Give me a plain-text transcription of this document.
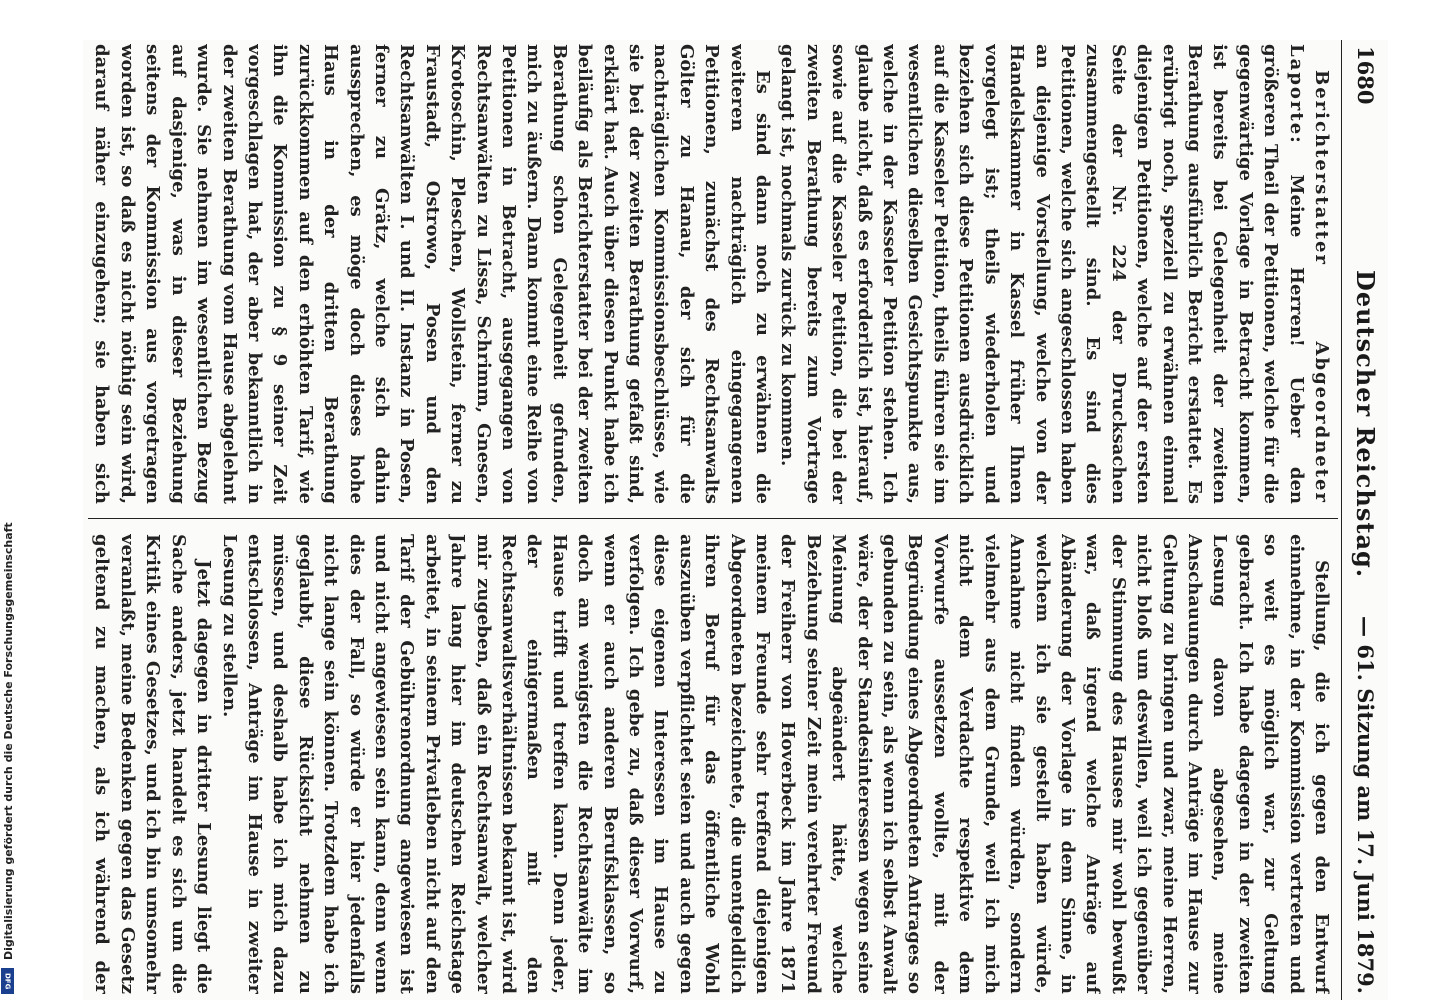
1680
Deutscher Reichstag.
— 61. Sitzung am 17. Juni 1879.

Berichterstatter Abgeordneter Laporte: Meine Herren! Ueber den größeren Theil der Petitionen, welche für die gegenwärtige Vorlage in Betracht kommen, ist bereits bei Gelegenheit der zweiten Berathung ausführlich Bericht erstattet. Es erübrigt noch, speziell zu erwähnen einmal diejenigen Petitionen, welche auf der ersten Seite der Nr. 224 der Drucksachen zusammengestellt sind. Es sind dies Petitionen, welche sich angeschlossen haben an diejenige Vorstellung, welche von der Handelskammer in Kassel früher Ihnen vorgelegt ist; theils wiederholen und beziehen sich diese Petitionen ausdrücklich auf die Kasseler Petition, theils führen sie im wesentlichen dieselben Gesichtspunkte aus, welche in der Kasseler Petition stehen. Ich glaube nicht, daß es erforderlich ist, hierauf, sowie auf die Kasseler Petition, die bei der zweiten Berathung bereits zum Vortrage gelangt ist, nochmals zurück zu kommen.

Es sind dann noch zu erwähnen die weiteren nachträglich eingegangenen Petitionen, zunächst des Rechtsanwalts Gölter zu Hanau, der sich für die nachträglichen Kommissionsbeschlüsse, wie sie bei der zweiten Berathung gefaßt sind, erklärt hat. Auch über diesen Punkt habe ich beiläufig als Berichterstatter bei der zweiten Berathung schon Gelegenheit gefunden, mich zu äußern. Dann kommt eine Reihe von Petitionen in Betracht, ausgegangen von Rechtsanwälten zu Lissa, Schrimm, Gnesen, Krotoschin, Pleschen, Wollstein, ferner zu Fraustadt, Ostrowo, Posen und den Rechtsanwälten I. und II. Instanz in Posen, ferner zu Grätz, welche sich dahin aussprechen, es möge doch dieses hohe Haus in der dritten Berathung zurückkommen auf den erhöhten Tarif, wie ihn die Kommission zu § 9 seiner Zeit vorgeschlagen hat, der aber bekanntlich in der zweiten Berathung vom Hause abgelehnt wurde. Sie nehmen im wesentlichen Bezug auf dasjenige, was in dieser Beziehung seitens der Kommission aus vorgetragen worden ist, so daß es nicht nöthig sein wird, darauf näher einzugehen; sie haben sich

Stellung, die ich gegen den Entwurf einnehme, in der Kommission vertreten und so weit es möglich war, zur Geltung gebracht. Ich habe dagegen in der zweiten Lesung davon abgesehen, meine Anschauungen durch Anträge im Hause zur Geltung zu bringen und zwar, meine Herren, nicht bloß um deswillen, weil ich gegenüber der Stimmung des Hauses mir wohl bewußt war, daß irgend welche Anträge auf Abänderung der Vorlage in dem Sinne, in welchem ich sie gestellt haben würde, Annahme nicht finden würden, sondern vielmehr aus dem Grunde, weil ich mich nicht dem Verdachte respektive dem Vorwurfe aussetzen wollte, mit der Begründung eines Abgeordneten Antrages so gebunden zu sein, als wenn ich selbst Anwalt wäre, der der Standesinteressen wegen seine Meinung abgeändert hätte, welche Beziehung seiner Zeit mein verehrter Freund der Freiherr von Hoverbeck im Jahre 1871 meinem Freunde sehr treffend diejenigen Abgeordneten bezeichnete, die unentgeldlich ihren Beruf für das öffentliche Wohl auszuüben verpflichtet seien und auch gegen diese eigenen Interessen im Hause zu verfolgen. Ich gebe zu, daß dieser Vorwurf, wenn er auch anderen Berufsklassen, so doch am wenigsten die Rechtsanwälte im Hause trifft und treffen kann. Denn jeder, der einigermaßen mit den Rechtsanwaltsverhältnissen bekannt ist, wird mir zugeben, daß ein Rechtsanwalt, welcher Jahre lang hier im deutschen Reichstage arbeitet, in seinem Privatleben nicht auf den Tarif der Gebührenordnung angewiesen ist und nicht angewiesen sein kann, denn wenn dies der Fall, so würde er hier jedenfalls nicht lange sein können. Trotzdem habe ich geglaubt, diese Rücksicht nehmen zu müssen, und deshalb habe ich mich dazu entschlossen, Anträge im Hause in zweiter Lesung zu stellen.

Jetzt dagegen in dritter Lesung liegt die Sache anders, jetzt handelt es sich um die Kritik eines Gesetzes, und ich bin umsomehr veranlaßt, meine Bedenken gegen das Gesetz geltend zu machen, als ich während der

Digitalisierung gefördert durch die Deutsche Forschungsgemeinschaft
DFG
